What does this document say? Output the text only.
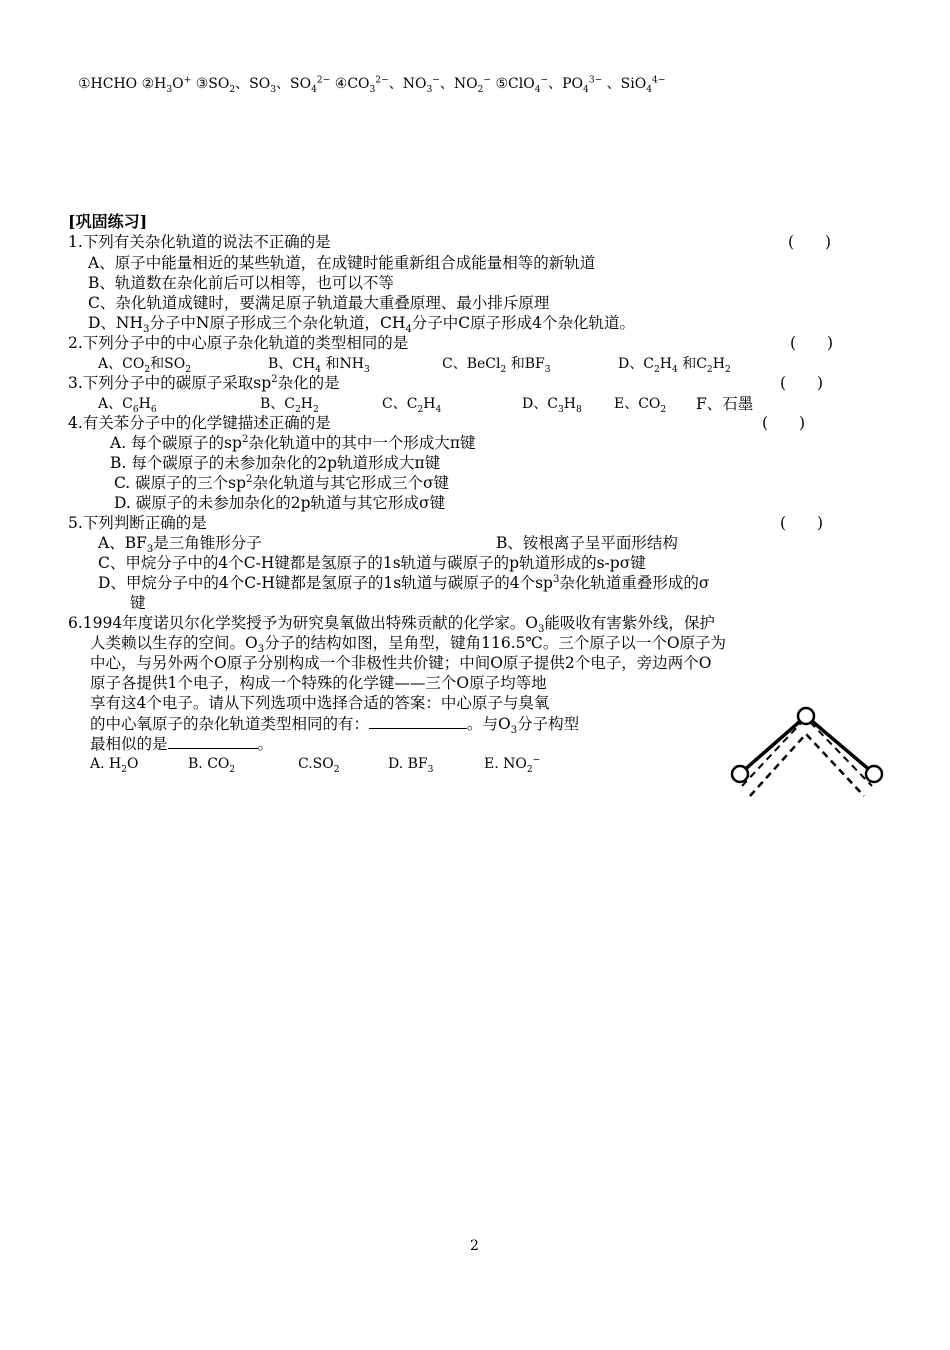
①HCHO $②H_3O^+$ $③SO_2$、$SO_3$、$SO_4^{2-}$ $④CO_3^{2-}$、$NO_3^-$、$NO_2^-$ ⑤ClO$_4$−、$PO_4^{3-}$ 、SiO$_4^{4-}$
[巩固练习]
1.下列有关杂化轨道的说法不正确的是	(　　)
A、原子中能量相近的某些轨道，在成键时能重新组合成能量相等的新轨道
B、轨道数在杂化前后可以相等，也可以不等
C、杂化轨道成键时，要满足原子轨道最大重叠原理、最小排斥原理
D、$NH_3$分子中N原子形成三个杂化轨道，$CH_4$分子中C原子形成4个杂化轨道。
2.下列分子中的中心原子杂化轨道的类型相同的是	(　　)
A、$CO_2$和$SO_2$	B、$CH_4$ 和$NH_3$	C、BeCl$_2$ 和$BF_3$	D、$C_2H_4$ 和$C_2H_2$
3.下列分子中的碳原子采取$sp^2$杂化的是	(　　)
A、$C_6H_6$	B、$C_2H_2$	C、$C_2H_4$	D、$C_3H_8$ E、$CO_2$ F、石墨
4.有关苯分子中的化学键描述正确的是	(　　)
A. 每个碳原子的$sp^2$杂化轨道中的其中一个形成大π键
B. 每个碳原子的未参加杂化的2p轨道形成大π键
C. 碳原子的三个$sp^2$杂化轨道与其它形成三个σ键
D. 碳原子的未参加杂化的2p轨道与其它形成σ键
5.下列判断正确的是	(　　)
A、$BF_3$是三角锥形分子	B、铵根离子呈平面形结构
C、甲烷分子中的4个C-H键都是氢原子的1s轨道与碳原子的p轨道形成的s-pσ键
D、甲烷分子中的4个C-H键都是氢原子的1s轨道与碳原子的4个$sp^3$杂化轨道重叠形成的σ
键
6.1994年度诺贝尔化学奖授予为研究臭氧做出特殊贡献的化学家。$O_3$能吸收有害紫外线，保护
人类赖以生存的空间。$O_3$分子的结构如图，呈角型，键角116.5℃。三个原子以一个O原子为
中心，与另外两个O原子分别构成一个非极性共价键；中间O原子提供2个电子，旁边两个O
原子各提供1个电子，构成一个特殊的化学键——三个O原子均等地
享有这4个电子。请从下列选项中选择合适的答案：中心原子与臭氧
的中心氧原子的杂化轨道类型相同的有：	。与$O_3$分子构型
最相似的是	。
A. $H_2O$	B. $CO_2$	$C.SO_2$	D. $BF_3$	E. $NO_2^-$
2
